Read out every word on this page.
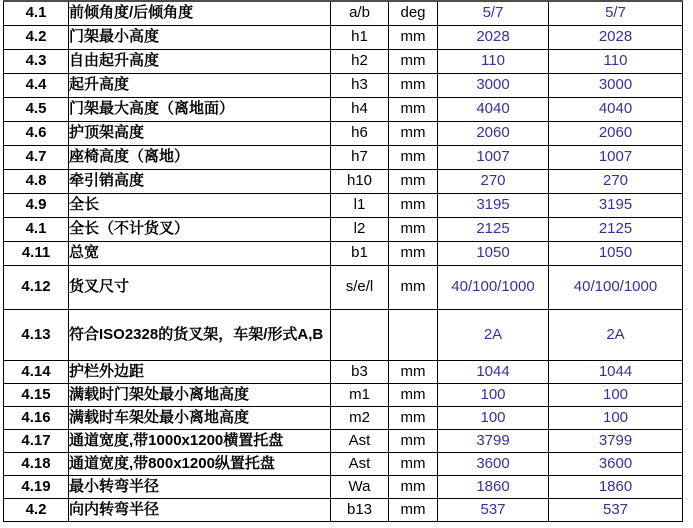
4.1	前倾角度/后倾角度	a/b	deg	5/7	5/7
4.2	门架最小高度	h1	mm	2028	2028
4.3	自由起升高度	h2	mm	110	110
4.4	起升高度	h3	mm	3000	3000
4.5	门架最大高度（离地面）	h4	mm	4040	4040
4.6	护顶架高度	h6	mm	2060	2060
4.7	座椅高度（离地）	h7	mm	1007	1007
4.8	牵引销高度	h10	mm	270	270
4.9	全长	l1	mm	3195	3195
4.1	全长（不计货叉）	l2	mm	2125	2125
4.11	总宽	b1	mm	1050	1050
4.12	货叉尺寸	s/e/l	mm	40/100/1000	40/100/1000
4.13	符合ISO2328的货叉架，车架/形式A,B			2A	2A
4.14	护栏外边距	b3	mm	1044	1044
4.15	满载时门架处最小离地高度	m1	mm	100	100
4.16	满载时车架处最小离地高度	m2	mm	100	100
4.17	通道宽度,带1000x1200横置托盘	Ast	mm	3799	3799
4.18	通道宽度,带800x1200纵置托盘	Ast	mm	3600	3600
4.19	最小转弯半径	Wa	mm	1860	1860
4.2	向内转弯半径	b13	mm	537	537
